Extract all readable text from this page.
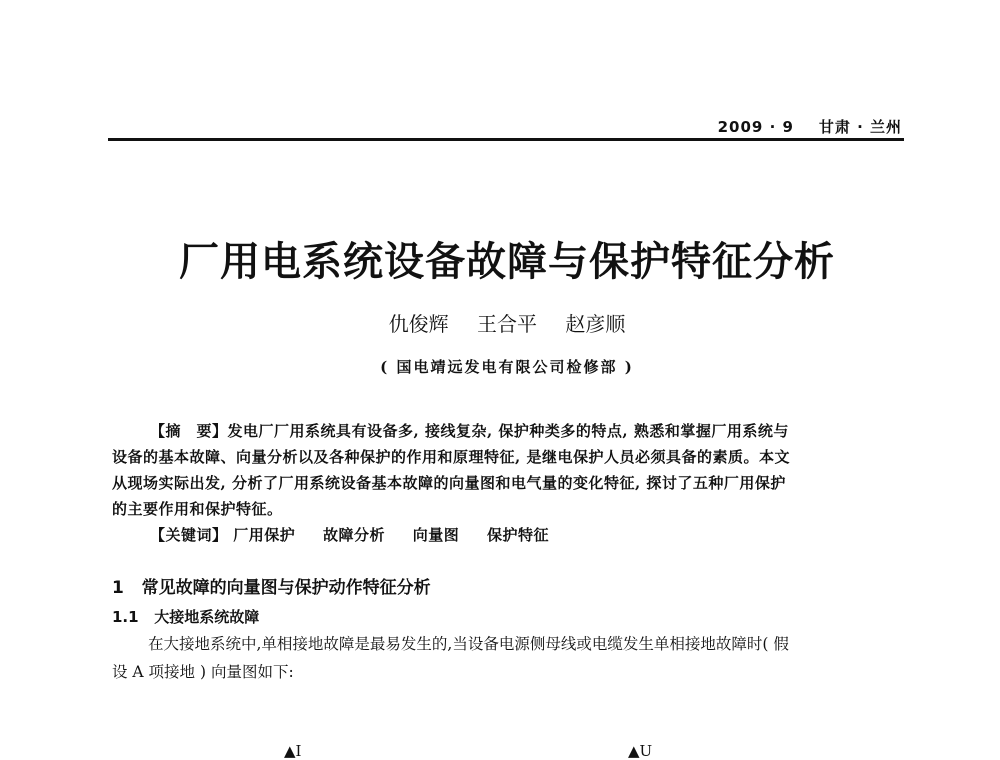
2009 · 9 甘肃 · 兰州
厂用电系统设备故障与保护特征分析
仇俊辉 王合平 赵彦顺
( 国电靖远发电有限公司检修部 )
【摘　要】发电厂厂用系统具有设备多, 接线复杂, 保护种类多的特点, 熟悉和掌握厂用系统与
设备的基本故障、向量分析以及各种保护的作用和原理特征, 是继电保护人员必须具备的素质。本文
从现场实际出发, 分析了厂用系统设备基本故障的向量图和电气量的变化特征, 探讨了五种厂用保护
的主要作用和保护特征。
【关键词】 厂用保护 故障分析 向量图 保护特征
1 常见故障的向量图与保护动作特征分析
1.1 大接地系统故障
在大接地系统中,单相接地故障是最易发生的,当设备电源侧母线或电缆发生单相接地故障时( 假
设 A 项接地 ) 向量图如下:
▲I	▲U
